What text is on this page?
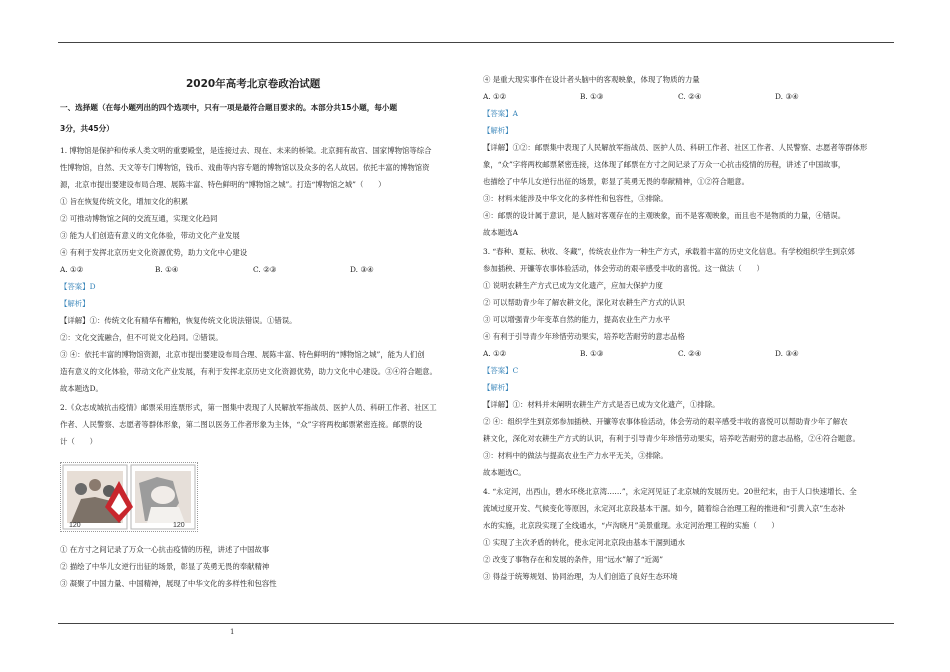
2020年高考北京卷政治试题
一、选择题（在每小题列出的四个选项中，只有一项是最符合题目要求的。本部分共15小题，每小题
3分，共45分）
1. 博物馆是保护和传承人类文明的重要殿堂，是连接过去、现在、未来的桥梁。北京拥有故宫、国家博物馆等综合
性博物馆，自然、天文等专门博物馆，钱币、戏曲等内容专题的博物馆以及众多的名人故居。依托丰富的博物馆资
源，北京市提出要建设布局合理、展陈丰富、特色鲜明的“博物馆之城”。打造“博物馆之城”（　　）
① 旨在恢复传统文化，增加文化的积累
② 可推动博物馆之间的交流互通，实现文化趋同
③ 能为人们创造有意义的文化体验，带动文化产业发展
④ 有利于发挥北京历史文化资源优势，助力文化中心建设
A. ①②	B. ①④	C. ②③	D. ③④
【答案】D
【解析】
【详解】①：传统文化有精华有糟粕，恢复传统文化说法错误。①错误。
②：文化交流融合，但不可说文化趋同。②错误。
③ ④：依托丰富的博物馆资源，北京市提出要建设布局合理、展陈丰富、特色鲜明的“博物馆之城”，能为人们创
造有意义的文化体验，带动文化产业发展，有利于发挥北京历史文化资源优势，助力文化中心建设。③④符合题意。
故本题选D。
2.《众志成城抗击疫情》邮票采用连票形式，第一图集中表现了人民解放军指战员、医护人员、科研工作者、社区工
作者、人民警察、志愿者等群体形象，第二图以医务工作者形象为主体，“众”字将两枚邮票紧密连接。邮票的设
计（　　）
120	120
① 在方寸之间记录了万众一心抗击疫情的历程，讲述了中国故事
② 描绘了中华儿女逆行出征的场景，彰显了英勇无畏的奉献精神
③ 凝聚了中国力量、中国精神，展现了中华文化的多样性和包容性
④ 是重大现实事件在设计者头脑中的客观映象，体现了物质的力量
A. ①②	B. ①③	C. ②④	D. ③④
【答案】A
【解析】
【详解】①②：邮票集中表现了人民解放军指战员、医护人员、科研工作者、社区工作者、人民警察、志愿者等群体形
象，“众”字将两枚邮票紧密连接，这体现了邮票在方寸之间记录了万众一心抗击疫情的历程，讲述了中国故事，
也描绘了中华儿女逆行出征的场景，彰显了英勇无畏的奉献精神，①②符合题意。
③：材料未能涉及中华文化的多样性和包容性，③排除。
④：邮票的设计属于意识，是人脑对客观存在的主观映象，而不是客观映象，而且也不是物质的力量，④错误。
故本题选A
3. “春种、夏耘、秋收、冬藏”，传统农业作为一种生产方式，承载着丰富的历史文化信息。有学校组织学生到京郊
参加插秧、开镰等农事体验活动，体会劳动的艰辛感受丰收的喜悦。这一做法（　　）
① 说明农耕生产方式已成为文化遗产，应加大保护力度
② 可以帮助青少年了解农耕文化，深化对农耕生产方式的认识
③ 可以增强青少年变革自然的能力，提高农业生产力水平
④ 有利于引导青少年珍惜劳动果实，培养吃苦耐劳的意志品格
A. ①②	B. ①③	C. ②④	D. ③④
【答案】C
【解析】
【详解】①：材料并未阐明农耕生产方式是否已成为文化遗产，①排除。
② ④：组织学生到京郊参加插秧、开镰等农事体验活动，体会劳动的艰辛感受丰收的喜悦可以帮助青少年了解农
耕文化，深化对农耕生产方式的认识，有利于引导青少年珍惜劳动果实，培养吃苦耐劳的意志品格，②④符合题意。
③：材料中的做法与提高农业生产力水平无关，③排除。
故本题选C。
4. “永定河，出西山，碧水环绕北京湾……”，永定河见证了北京城的发展历史。20世纪末，由于人口快速增长、全
流域过度开发、气候变化等原因，永定河北京段基本干涸。如今，随着综合治理工程的推进和“引黄入京”生态补
水的实施，北京段实现了全线通水，“卢沟晓月”美景重现。永定河治理工程的实施（　　）
① 实现了主次矛盾的转化，使永定河北京段由基本干涸到通水
② 改变了事物存在和发展的条件，用“远水”解了“近渴”
③ 得益于统筹规划、协同治理，为人们创造了良好生态环境
1
